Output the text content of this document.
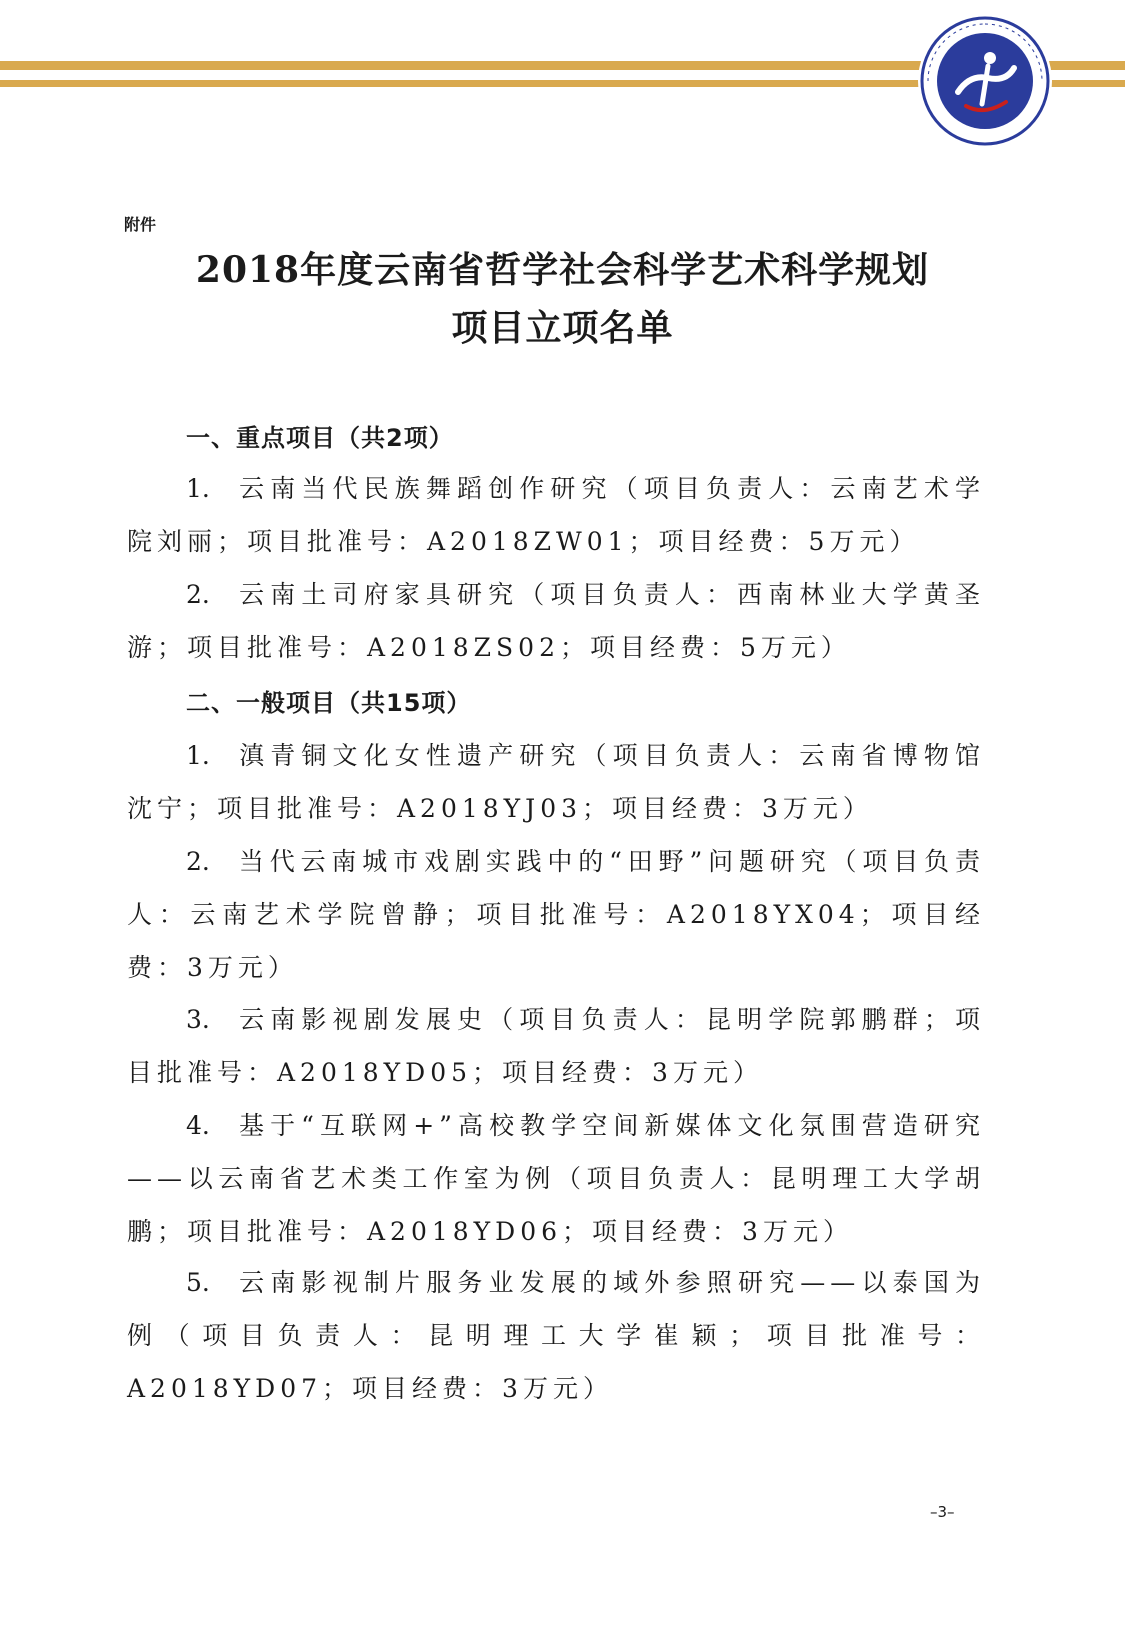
附件
2018年度云南省哲学社会科学艺术科学规划
项目立项名单
一、重点项目（共2项）
1. 云南当代民族舞蹈创作研究（项目负责人：云南艺术学院刘丽；项目批准号：A2018ZW01；项目经费：5万元）
2. 云南土司府家具研究（项目负责人：西南林业大学黄圣游；项目批准号：A2018ZS02；项目经费：5万元）
二、一般项目（共15项）
1. 滇青铜文化女性遗产研究（项目负责人：云南省博物馆沈宁；项目批准号：A2018YJ03；项目经费：3万元）
2. 当代云南城市戏剧实践中的“田野”问题研究（项目负责人：云南艺术学院曾静；项目批准号：A2018YX04；项目经费：3万元）
3. 云南影视剧发展史（项目负责人：昆明学院郭鹏群；项目批准号：A2018YD05；项目经费：3万元）
4. 基于“互联网+”高校教学空间新媒体文化氛围营造研究——以云南省艺术类工作室为例（项目负责人：昆明理工大学胡鹏；项目批准号：A2018YD06；项目经费：3万元）
5. 云南影视制片服务业发展的域外参照研究——以泰国为例（项目负责人：昆明理工大学崔颖；项目批准号：A2018YD07；项目经费：3万元）
–3–
